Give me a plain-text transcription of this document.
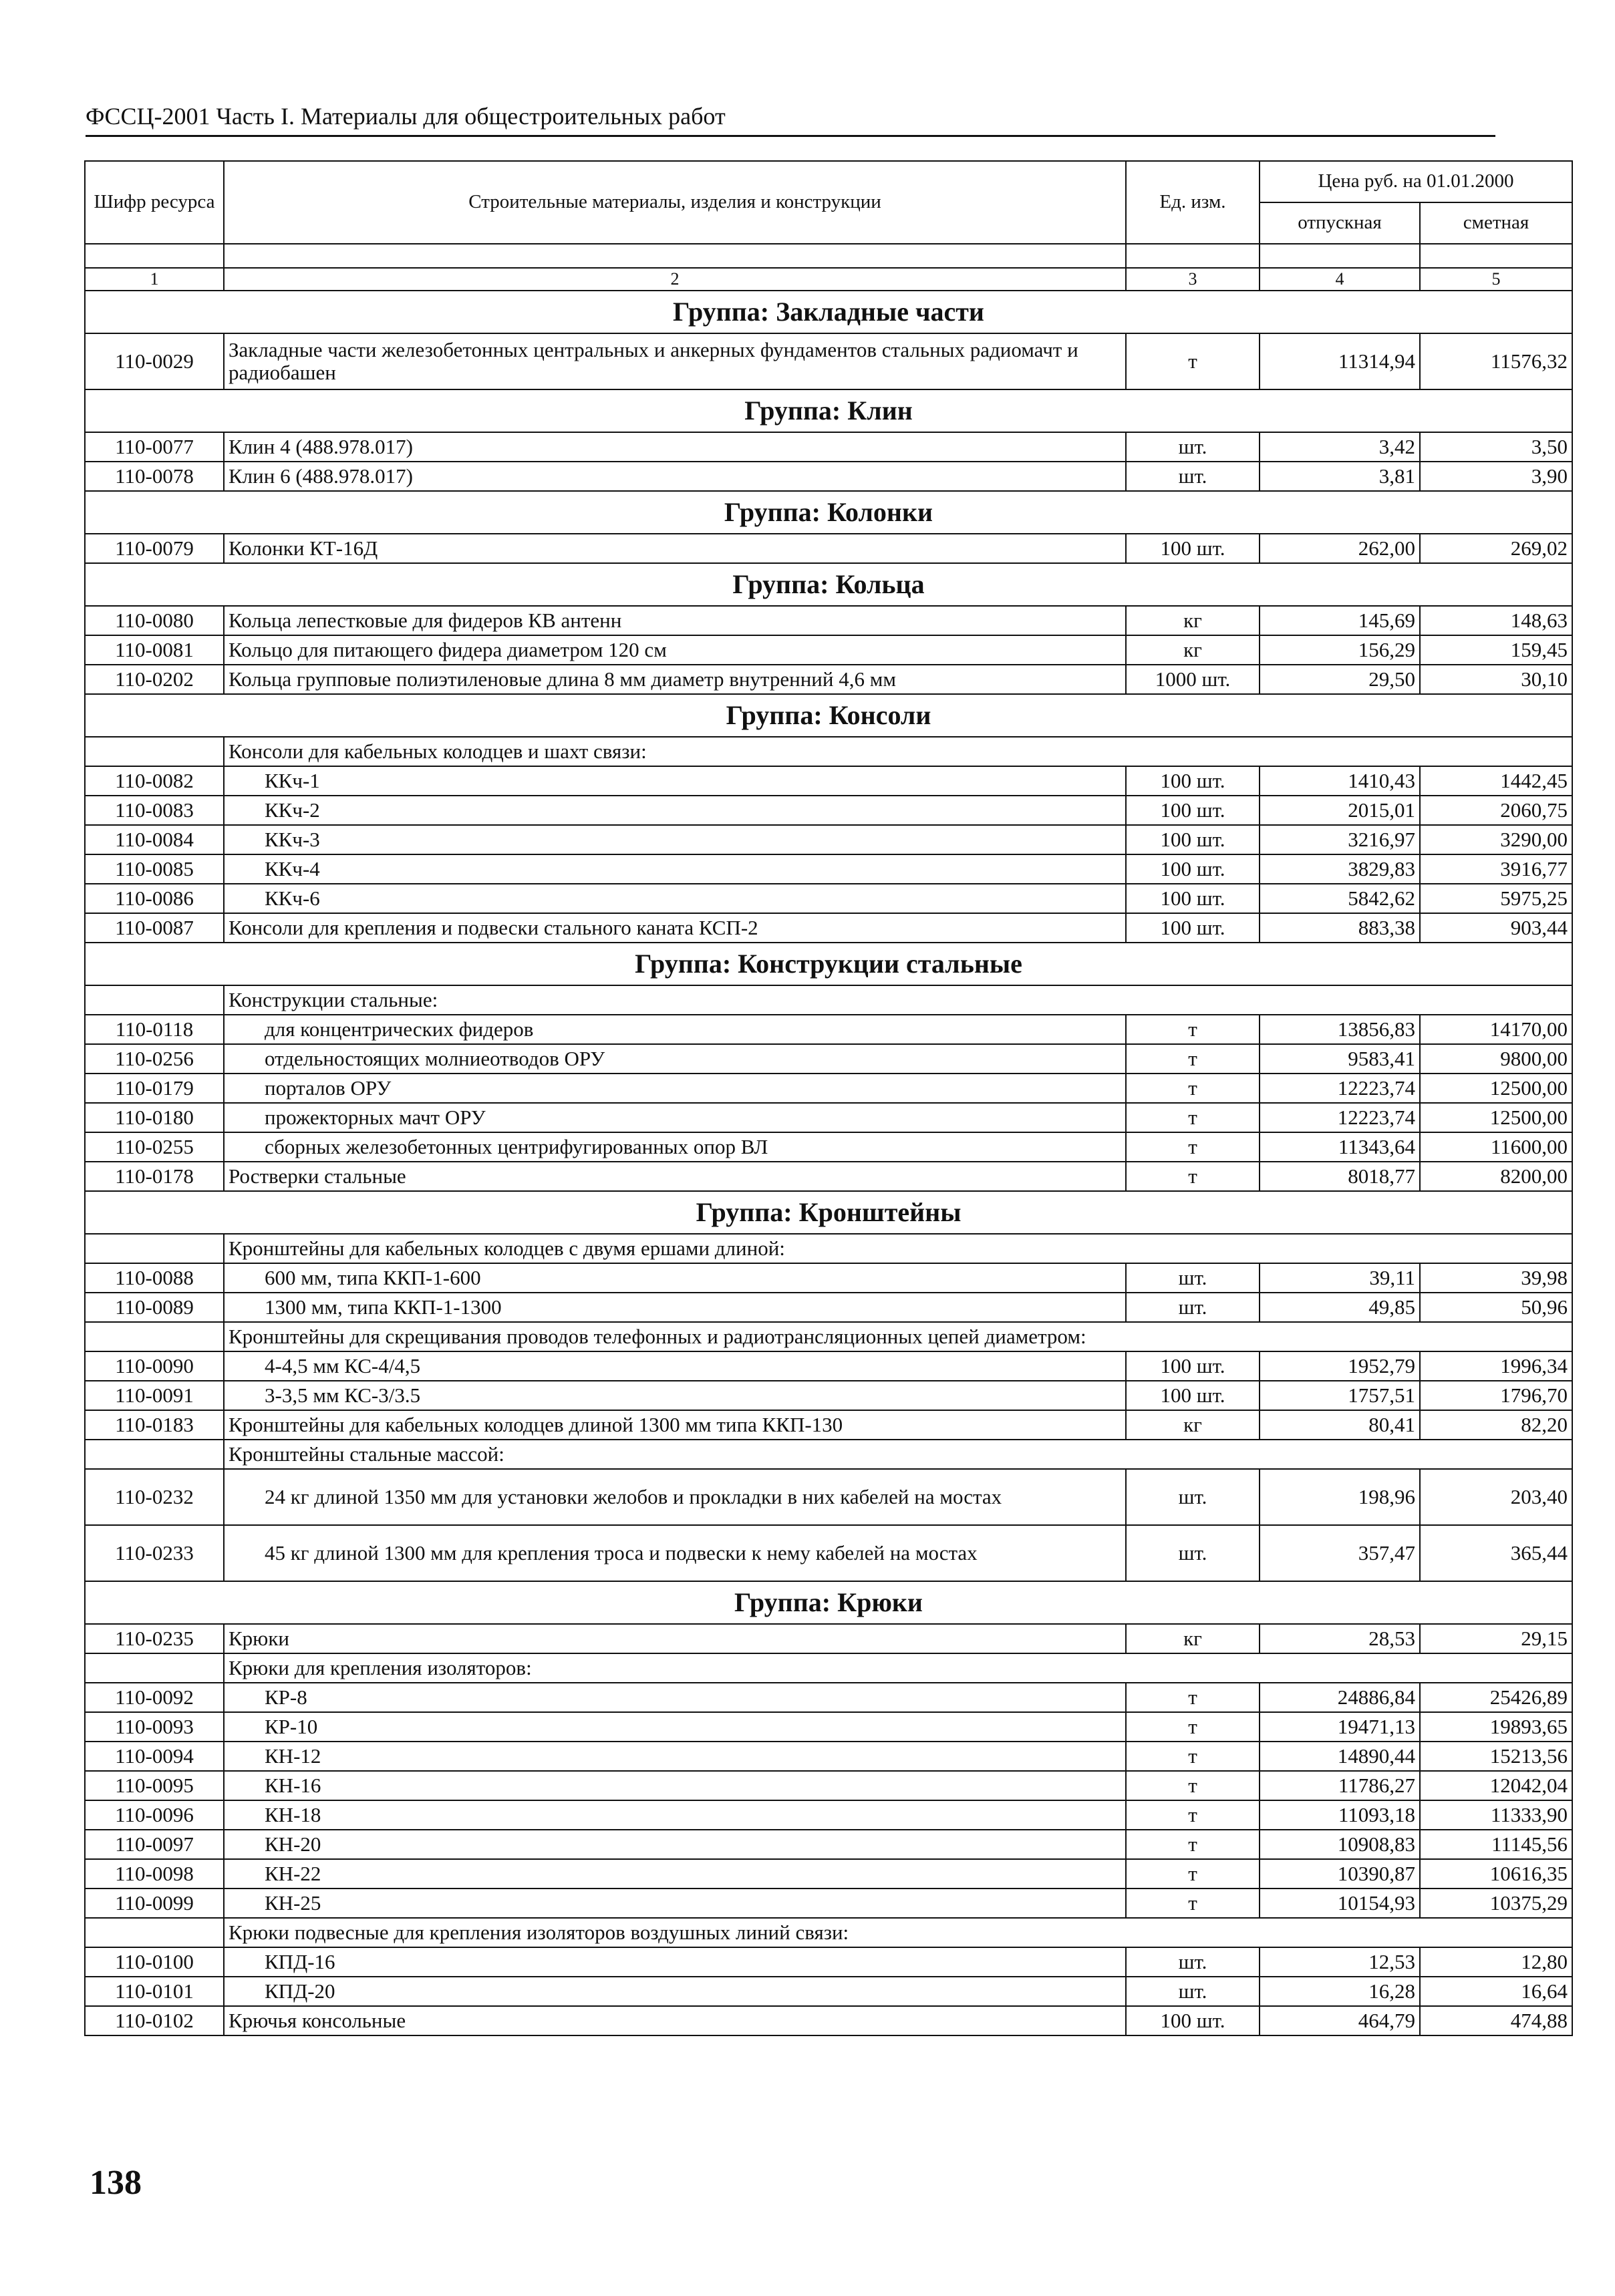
ФССЦ-2001 Часть I. Материалы для общестроительных работ
Шифр ресурса	Строительные материалы, изделия и конструкции	Ед. изм.	Цена руб. на 01.01.2000	
			отпускная	сметная

1	2	3	4	5
Группа: Закладные части				
110-0029	Закладные части железобетонных центральных и анкерных фундаментов стальных радиомачт и радиобашен	т	11314,94	11576,32
Группа: Клин				
110-0077	Клин 4 (488.978.017)	шт.	3,42	3,50
110-0078	Клин 6 (488.978.017)	шт.	3,81	3,90
Группа: Колонки				
110-0079	Колонки КТ-16Д	100 шт.	262,00	269,02
Группа: Кольца				
110-0080	Кольца лепестковые для фидеров КВ антенн	кг	145,69	148,63
110-0081	Кольцо для питающего фидера диаметром 120 см	кг	156,29	159,45
110-0202	Кольца групповые полиэтиленовые длина 8 мм диаметр внутренний 4,6 мм	1000 шт.	29,50	30,10
Группа: Консоли				
	Консоли для кабельных колодцев и шахт связи:			
110-0082	ККч-1	100 шт.	1410,43	1442,45
110-0083	ККч-2	100 шт.	2015,01	2060,75
110-0084	ККч-3	100 шт.	3216,97	3290,00
110-0085	ККч-4	100 шт.	3829,83	3916,77
110-0086	ККч-6	100 шт.	5842,62	5975,25
110-0087	Консоли для крепления и подвески стального каната КСП-2	100 шт.	883,38	903,44
Группа: Конструкции стальные				
	Конструкции стальные:			
110-0118	для концентрических фидеров	т	13856,83	14170,00
110-0256	отдельностоящих молниеотводов ОРУ	т	9583,41	9800,00
110-0179	порталов ОРУ	т	12223,74	12500,00
110-0180	прожекторных мачт ОРУ	т	12223,74	12500,00
110-0255	сборных железобетонных центрифугированных опор ВЛ	т	11343,64	11600,00
110-0178	Ростверки стальные	т	8018,77	8200,00
Группа: Кронштейны				
	Кронштейны для кабельных колодцев с двумя ершами длиной:			
110-0088	600 мм, типа ККП-1-600	шт.	39,11	39,98
110-0089	1300 мм, типа ККП-1-1300	шт.	49,85	50,96
	Кронштейны для скрещивания проводов телефонных и радиотрансляционных цепей диаметром:			
110-0090	4-4,5 мм КС-4/4,5	100 шт.	1952,79	1996,34
110-0091	3-3,5 мм КС-3/3.5	100 шт.	1757,51	1796,70
110-0183	Кронштейны для кабельных колодцев длиной 1300 мм типа ККП-130	кг	80,41	82,20
	Кронштейны стальные массой:			
110-0232	24 кг длиной 1350 мм для установки желобов и прокладки в них кабелей на мостах	шт.	198,96	203,40
110-0233	45 кг длиной 1300 мм для крепления троса и подвески к нему кабелей на мостах	шт.	357,47	365,44
Группа: Крюки				
110-0235	Крюки	кг	28,53	29,15
	Крюки для крепления изоляторов:			
110-0092	КР-8	т	24886,84	25426,89
110-0093	КР-10	т	19471,13	19893,65
110-0094	КН-12	т	14890,44	15213,56
110-0095	КН-16	т	11786,27	12042,04
110-0096	КН-18	т	11093,18	11333,90
110-0097	КН-20	т	10908,83	11145,56
110-0098	КН-22	т	10390,87	10616,35
110-0099	КН-25	т	10154,93	10375,29
	Крюки подвесные для крепления изоляторов воздушных линий связи:			
110-0100	КПД-16	шт.	12,53	12,80
110-0101	КПД-20	шт.	16,28	16,64
110-0102	Крючья консольные	100 шт.	464,79	474,88
138
